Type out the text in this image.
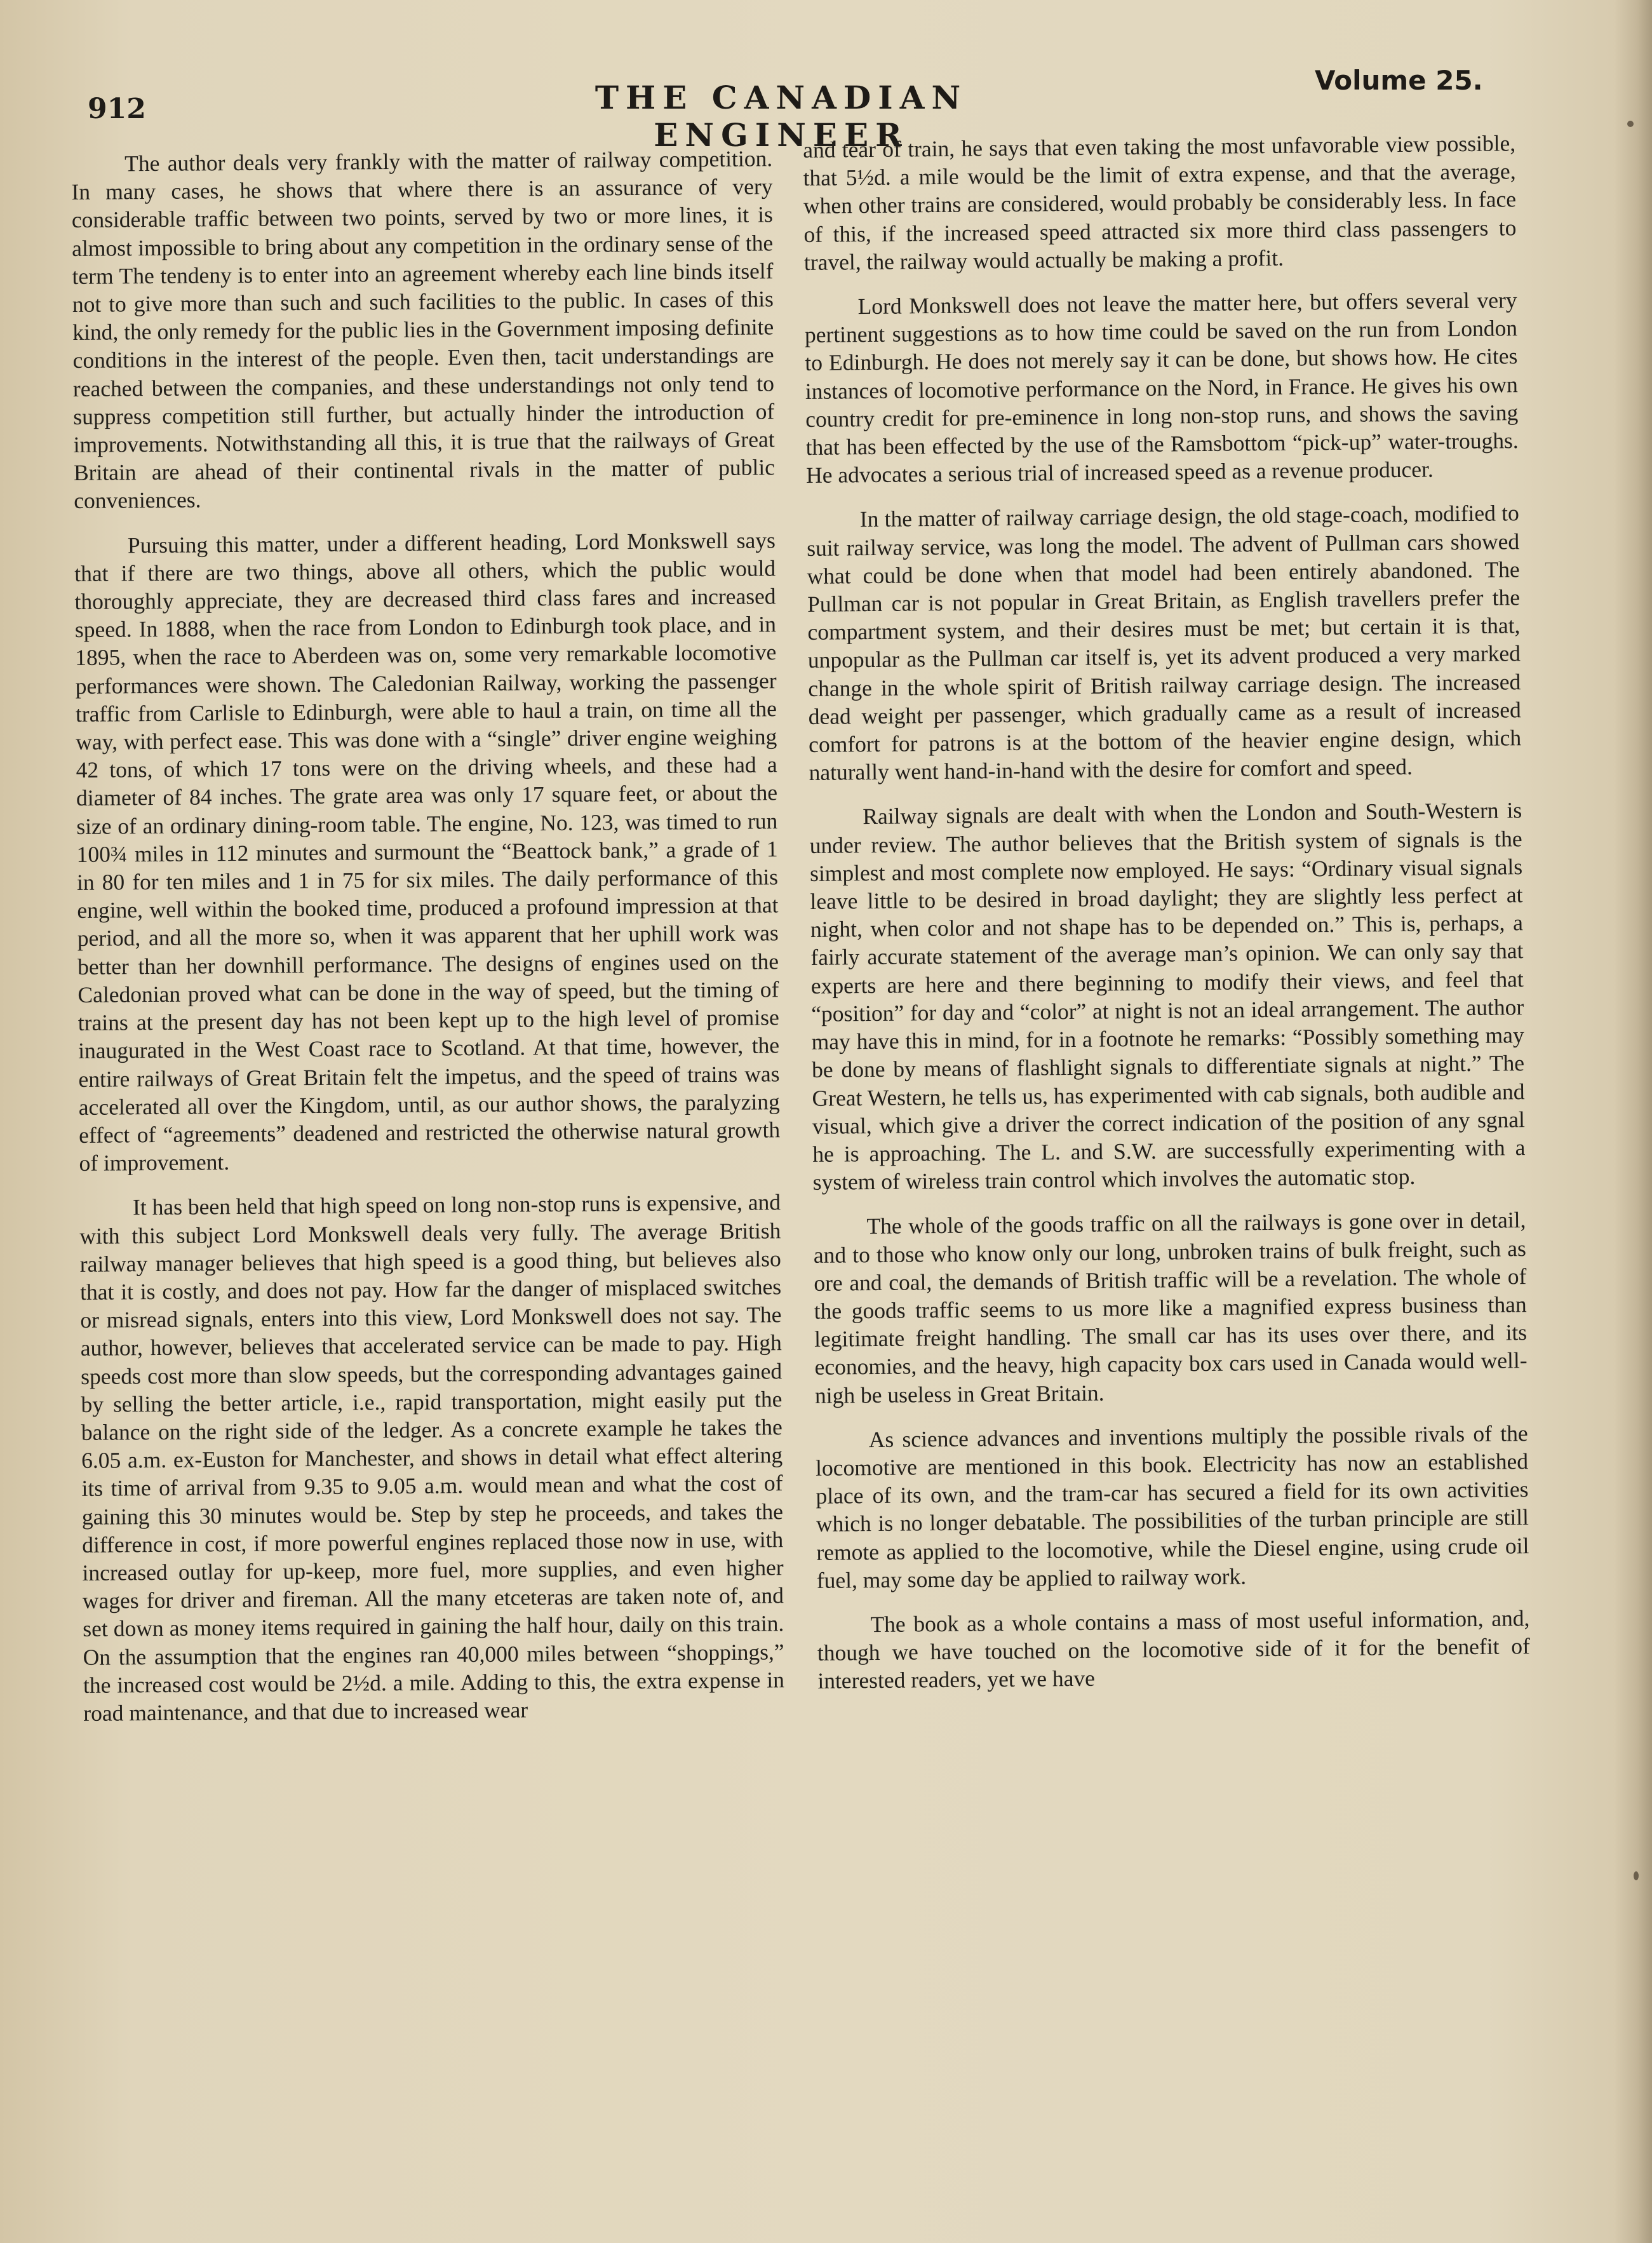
912	THE CANADIAN ENGINEER
Volume 25.

The author deals very frankly with the matter of railway competition. In many cases, he shows that where there is an assurance of very considerable traffic between two points, served by two or more lines, it is almost impossible to bring about any competition in the ordinary sense of the term The tendeny is to enter into an agreement whereby each line binds itself not to give more than such and such facilities to the public. In cases of this kind, the only remedy for the public lies in the Government imposing definite conditions in the interest of the people. Even then, tacit understandings are reached between the companies, and these understandings not only tend to suppress competition still further, but actually hinder the introduction of improvements. Notwithstanding all this, it is true that the railways of Great Britain are ahead of their continental rivals in the matter of public conveniences.

Pursuing this matter, under a different heading, Lord Monkswell says that if there are two things, above all others, which the public would thoroughly appreciate, they are decreased third class fares and increased speed. In 1888, when the race from London to Edinburgh took place, and in 1895, when the race to Aberdeen was on, some very remarkable locomotive performances were shown. The Caledonian Railway, working the passenger traffic from Carlisle to Edinburgh, were able to haul a train, on time all the way, with perfect ease. This was done with a “single” driver engine weighing 42 tons, of which 17 tons were on the driving wheels, and these had a diameter of 84 inches. The grate area was only 17 square feet, or about the size of an ordinary dining-room table. The engine, No. 123, was timed to run 100¾ miles in 112 minutes and surmount the “Beattock bank,” a grade of 1 in 80 for ten miles and 1 in 75 for six miles. The daily performance of this engine, well within the booked time, produced a profound impression at that period, and all the more so, when it was apparent that her uphill work was better than her downhill performance. The designs of engines used on the Caledonian proved what can be done in the way of speed, but the timing of trains at the present day has not been kept up to the high level of promise inaugurated in the West Coast race to Scotland. At that time, however, the entire railways of Great Britain felt the impetus, and the speed of trains was accelerated all over the Kingdom, until, as our author shows, the paralyzing effect of “agreements” deadened and restricted the otherwise natural growth of improvement.

It has been held that high speed on long non-stop runs is expensive, and with this subject Lord Monkswell deals very fully. The average British railway manager believes that high speed is a good thing, but believes also that it is costly, and does not pay. How far the danger of misplaced switches or misread signals, enters into this view, Lord Monkswell does not say. The author, however, believes that accelerated service can be made to pay. High speeds cost more than slow speeds, but the corresponding advantages gained by selling the better article, i.e., rapid transportation, might easily put the balance on the right side of the ledger. As a concrete example he takes the 6.05 a.m. ex-Euston for Manchester, and shows in detail what effect altering its time of arrival from 9.35 to 9.05 a.m. would mean and what the cost of gaining this 30 minutes would be. Step by step he proceeds, and takes the difference in cost, if more powerful engines replaced those now in use, with increased outlay for up-keep, more fuel, more supplies, and even higher wages for driver and fireman. All the many etceteras are taken note of, and set down as money items required in gaining the half hour, daily on this train. On the assumption that the engines ran 40,000 miles between “shoppings,” the increased cost would be 2½d. a mile. Adding to this, the extra expense in road maintenance, and that due to increased wear

and tear of train, he says that even taking the most unfavorable view possible, that 5½d. a mile would be the limit of extra expense, and that the average, when other trains are considered, would probably be considerably less. In face of this, if the increased speed attracted six more third class passengers to travel, the railway would actually be making a profit.

Lord Monkswell does not leave the matter here, but offers several very pertinent suggestions as to how time could be saved on the run from London to Edinburgh. He does not merely say it can be done, but shows how. He cites instances of locomotive performance on the Nord, in France. He gives his own country credit for pre-eminence in long non-stop runs, and shows the saving that has been effected by the use of the Ramsbottom “pick-up” water-troughs. He advocates a serious trial of increased speed as a revenue producer.

In the matter of railway carriage design, the old stage-coach, modified to suit railway service, was long the model. The advent of Pullman cars showed what could be done when that model had been entirely abandoned. The Pullman car is not popular in Great Britain, as English travellers prefer the compartment system, and their desires must be met; but certain it is that, unpopular as the Pullman car itself is, yet its advent produced a very marked change in the whole spirit of British railway carriage design. The increased dead weight per passenger, which gradually came as a result of increased comfort for patrons is at the bottom of the heavier engine design, which naturally went hand-in-hand with the desire for comfort and speed.

Railway signals are dealt with when the London and South-Western is under review. The author believes that the British system of signals is the simplest and most complete now employed. He says: “Ordinary visual signals leave little to be desired in broad daylight; they are slightly less perfect at night, when color and not shape has to be depended on.” This is, perhaps, a fairly accurate statement of the average man’s opinion. We can only say that experts are here and there beginning to modify their views, and feel that “position” for day and “color” at night is not an ideal arrangement. The author may have this in mind, for in a footnote he remarks: “Possibly something may be done by means of flashlight signals to differentiate signals at night.” The Great Western, he tells us, has experimented with cab signals, both audible and visual, which give a driver the correct indication of the position of any sgnal he is approaching. The L. and S.W. are successfully experimenting with a system of wireless train control which involves the automatic stop.

The whole of the goods traffic on all the railways is gone over in detail, and to those who know only our long, unbroken trains of bulk freight, such as ore and coal, the demands of British traffic will be a revelation. The whole of the goods traffic seems to us more like a magnified express business than legitimate freight handling. The small car has its uses over there, and its economies, and the heavy, high capacity box cars used in Canada would well-nigh be useless in Great Britain.

As science advances and inventions multiply the possible rivals of the locomotive are mentioned in this book. Electricity has now an established place of its own, and the tram-car has secured a field for its own activities which is no longer debatable. The possibilities of the turban principle are still remote as applied to the locomotive, while the Diesel engine, using crude oil fuel, may some day be applied to railway work.

The book as a whole contains a mass of most useful information, and, though we have touched on the locomotive side of it for the benefit of interested readers, yet we have
